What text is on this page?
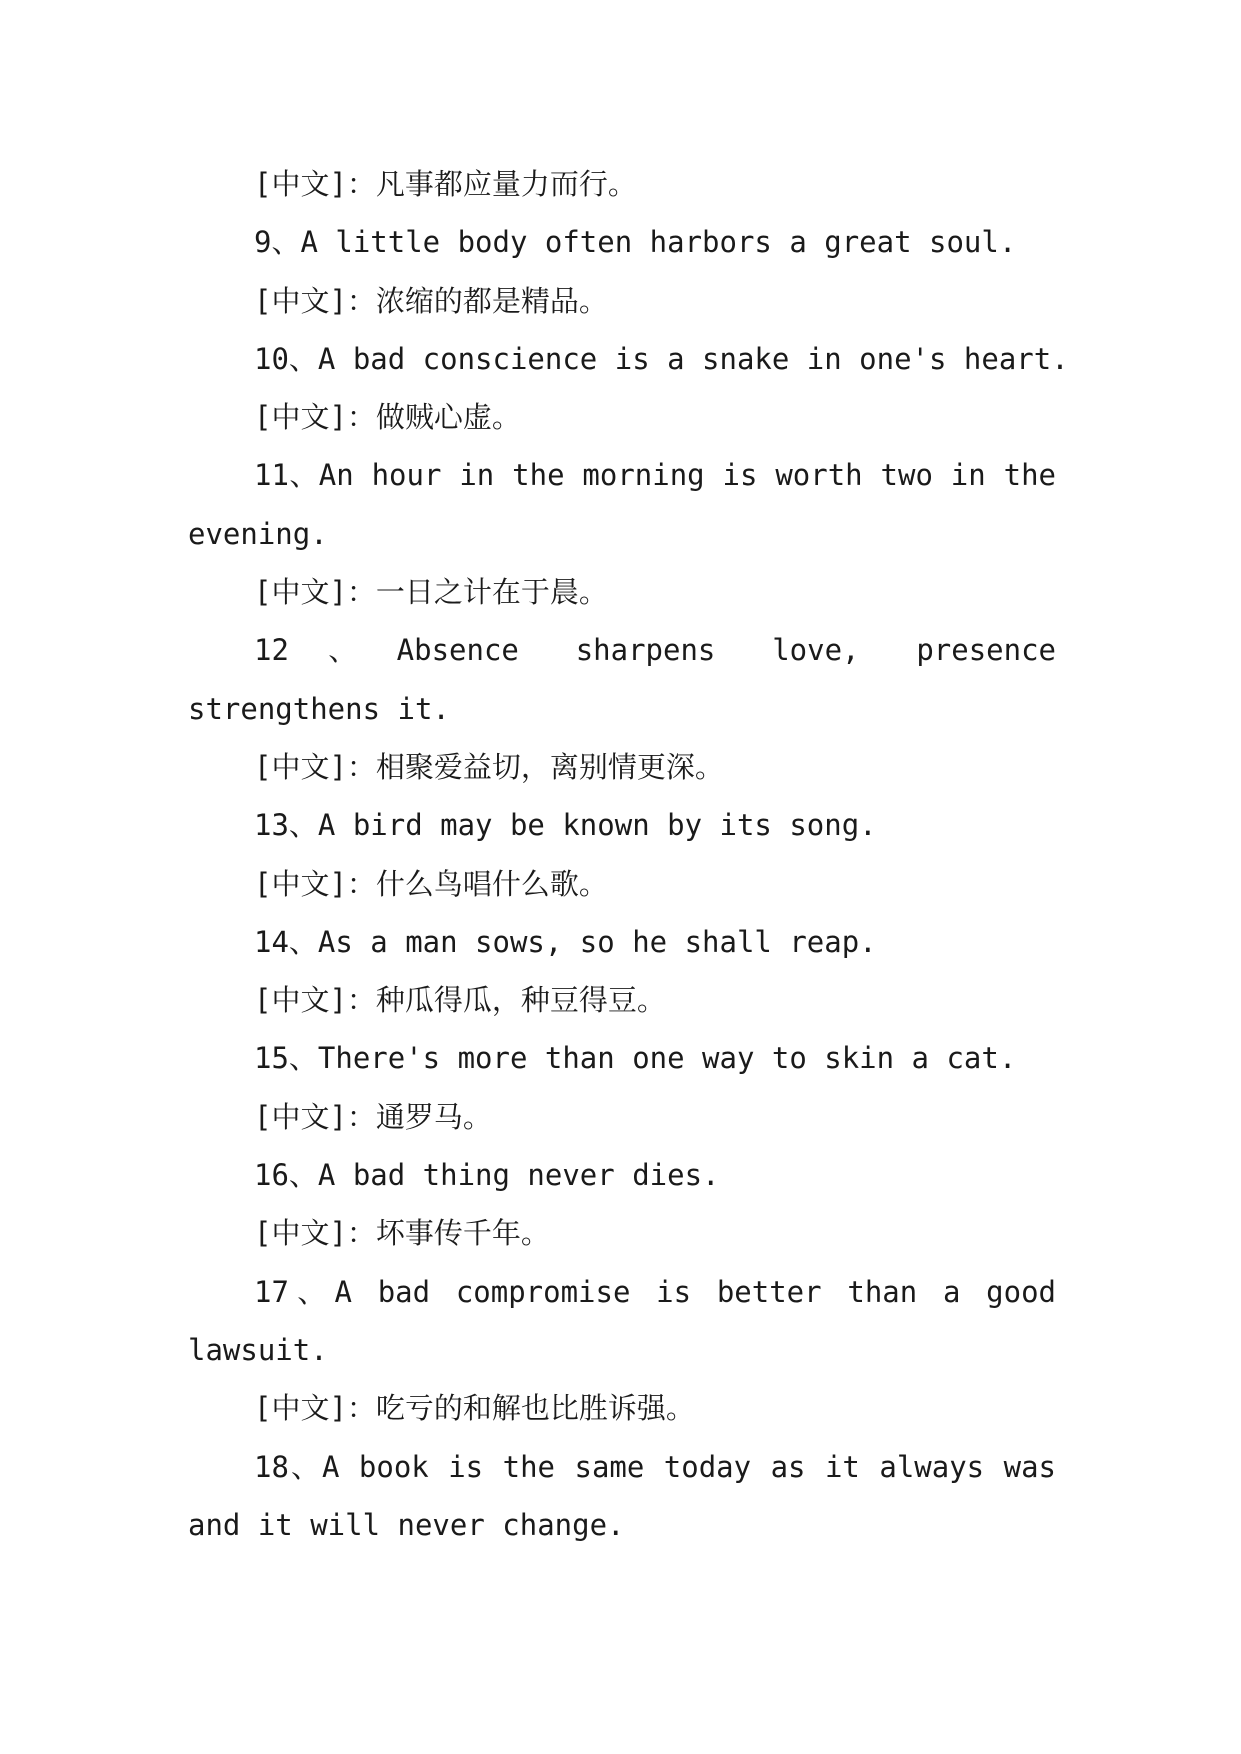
[中文]：凡事都应量力而行。

9、A little body often harbors a great soul.

[中文]：浓缩的都是精品。

10、A bad conscience is a snake in one's heart.

[中文]：做贼心虚。

11、An hour in the morning is worth two in the evening.

[中文]：一日之计在于晨。

12、Absence sharpens love, presence strengthens it.

[中文]：相聚爱益切，离别情更深。

13、A bird may be known by its song.

[中文]：什么鸟唱什么歌。

14、As a man sows, so he shall reap.

[中文]：种瓜得瓜，种豆得豆。

15、There's more than one way to skin a cat.

[中文]：通罗马。

16、A bad thing never dies.

[中文]：坏事传千年。

17、A bad compromise is better than a good lawsuit.

[中文]：吃亏的和解也比胜诉强。

18、A book is the same today as it always was and it will never change.
